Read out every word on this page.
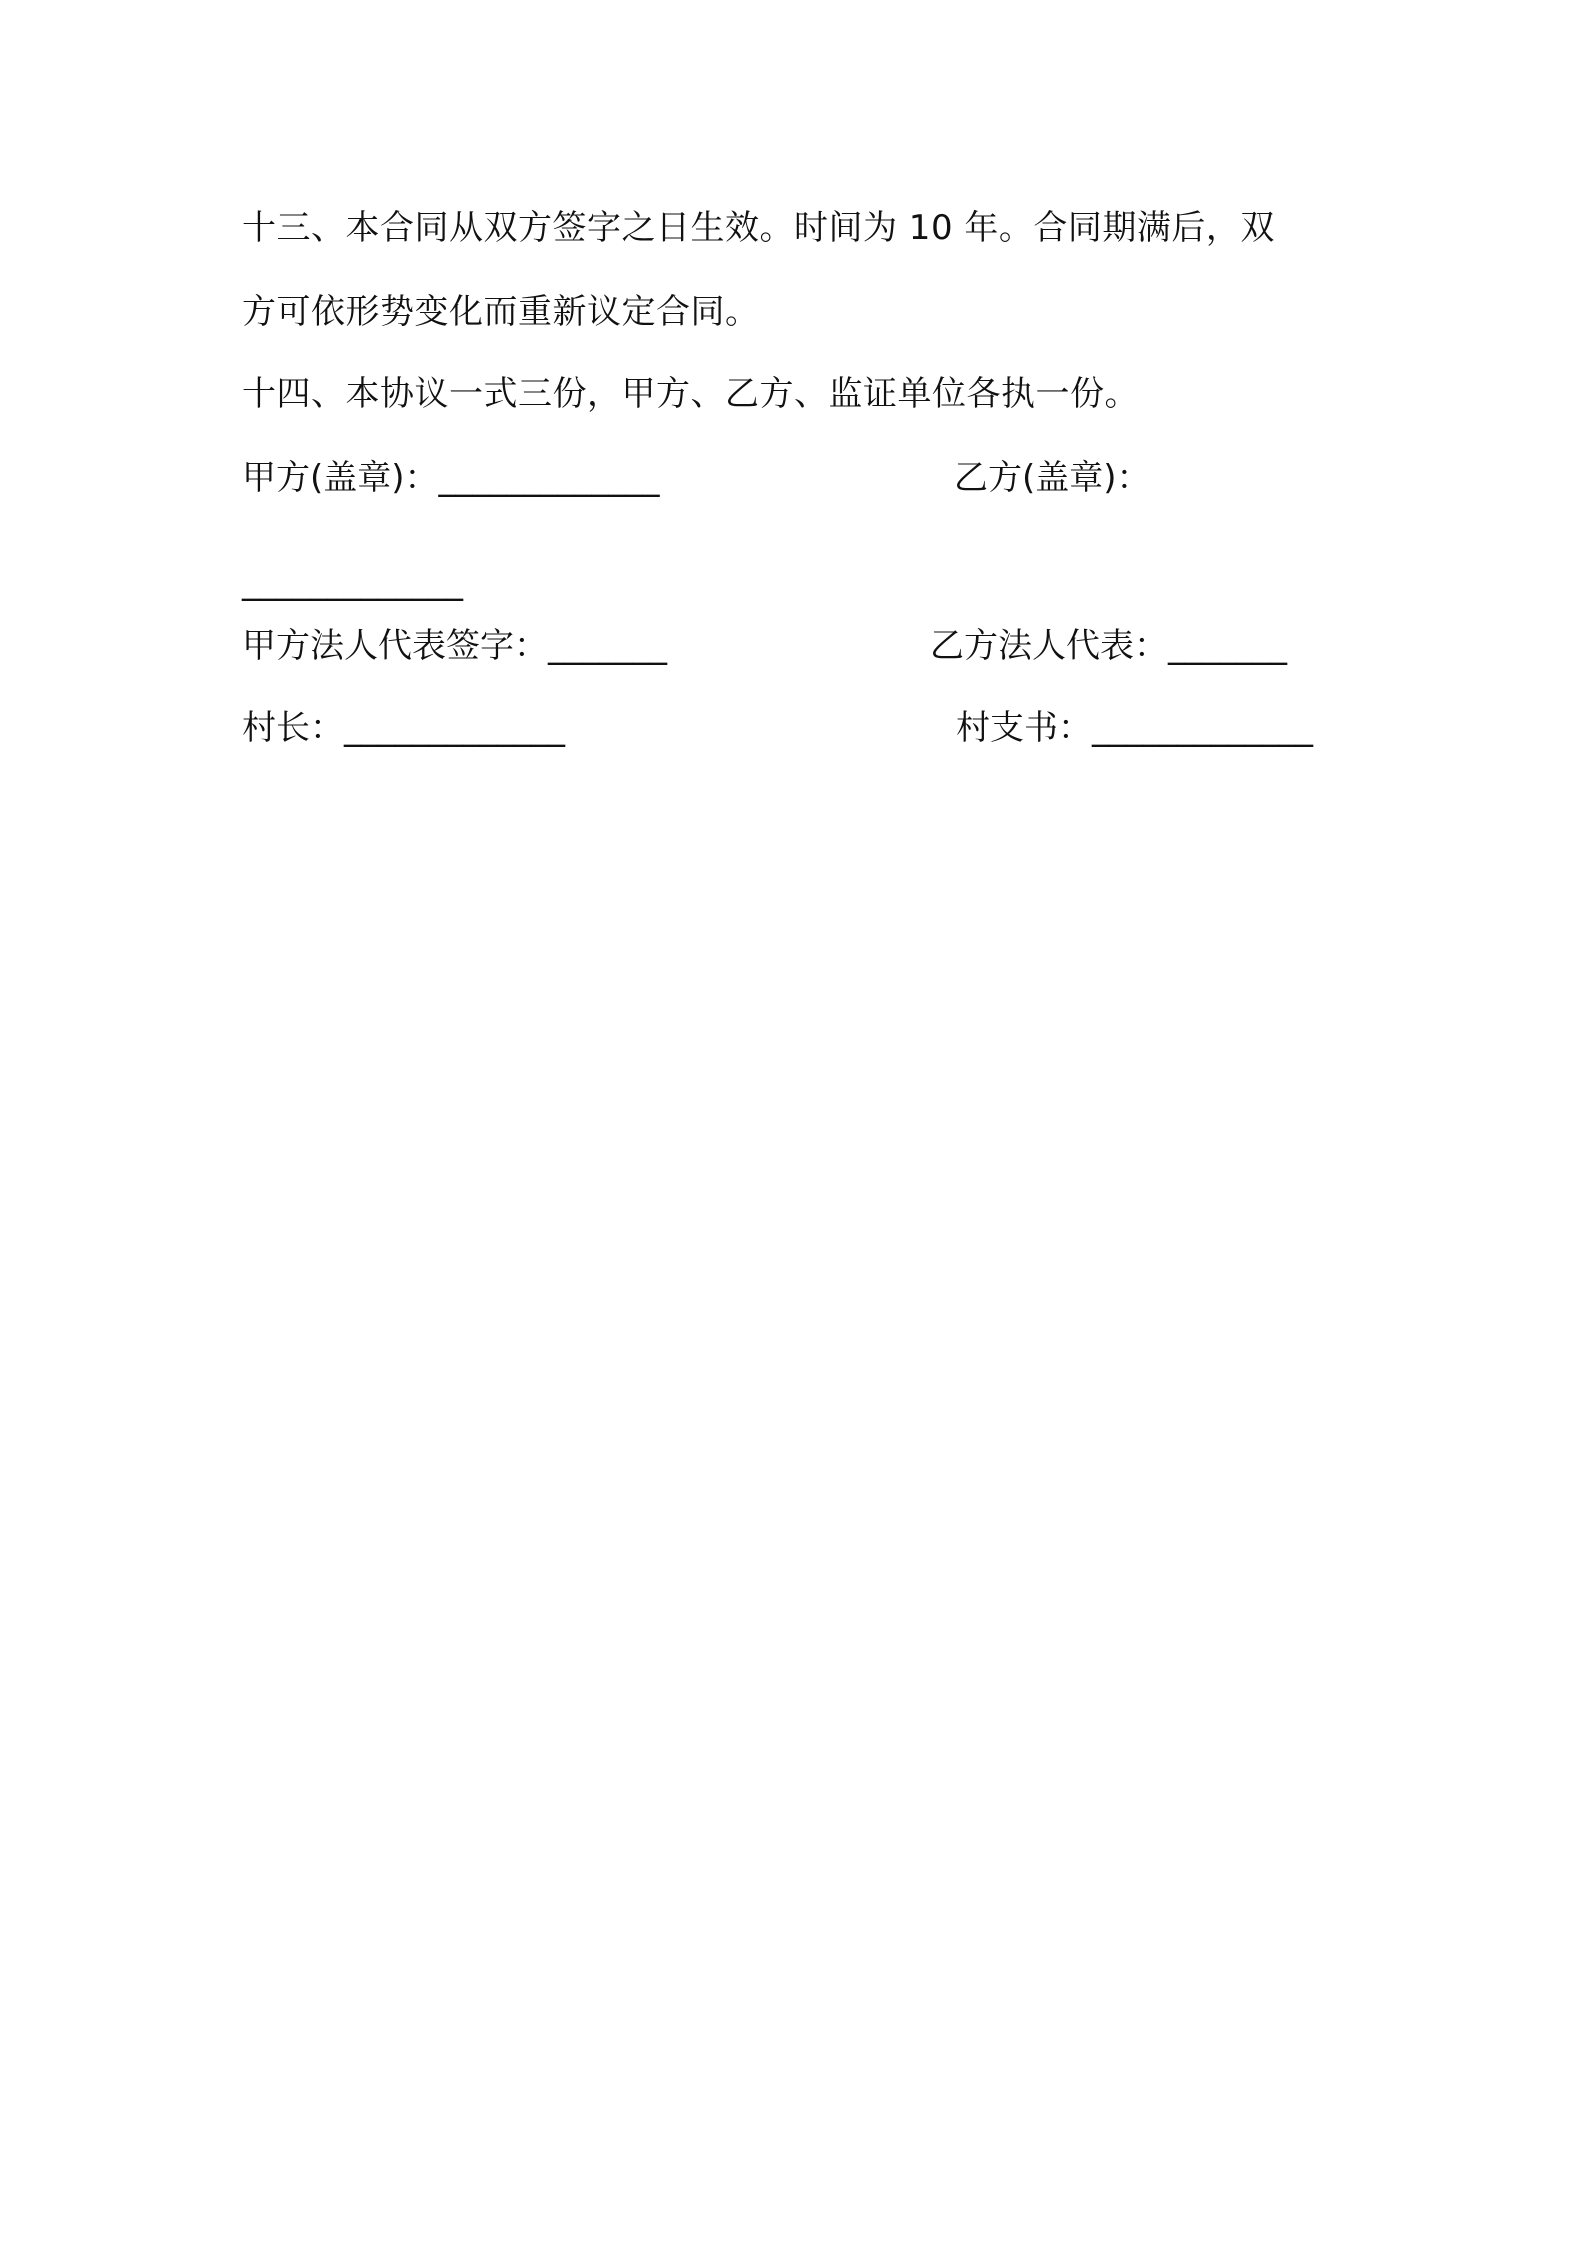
十三、本合同从双方签字之日生效。时间为 10 年。合同期满后，双
方可依形势变化而重新议定合同。
十四、本协议一式三份，甲方、乙方、监证单位各执一份。
甲方(盖章)：_____________	乙方(盖章)：
_____________
甲方法人代表签字：_______	乙方法人代表：_______
村长：_____________	村支书：_____________
